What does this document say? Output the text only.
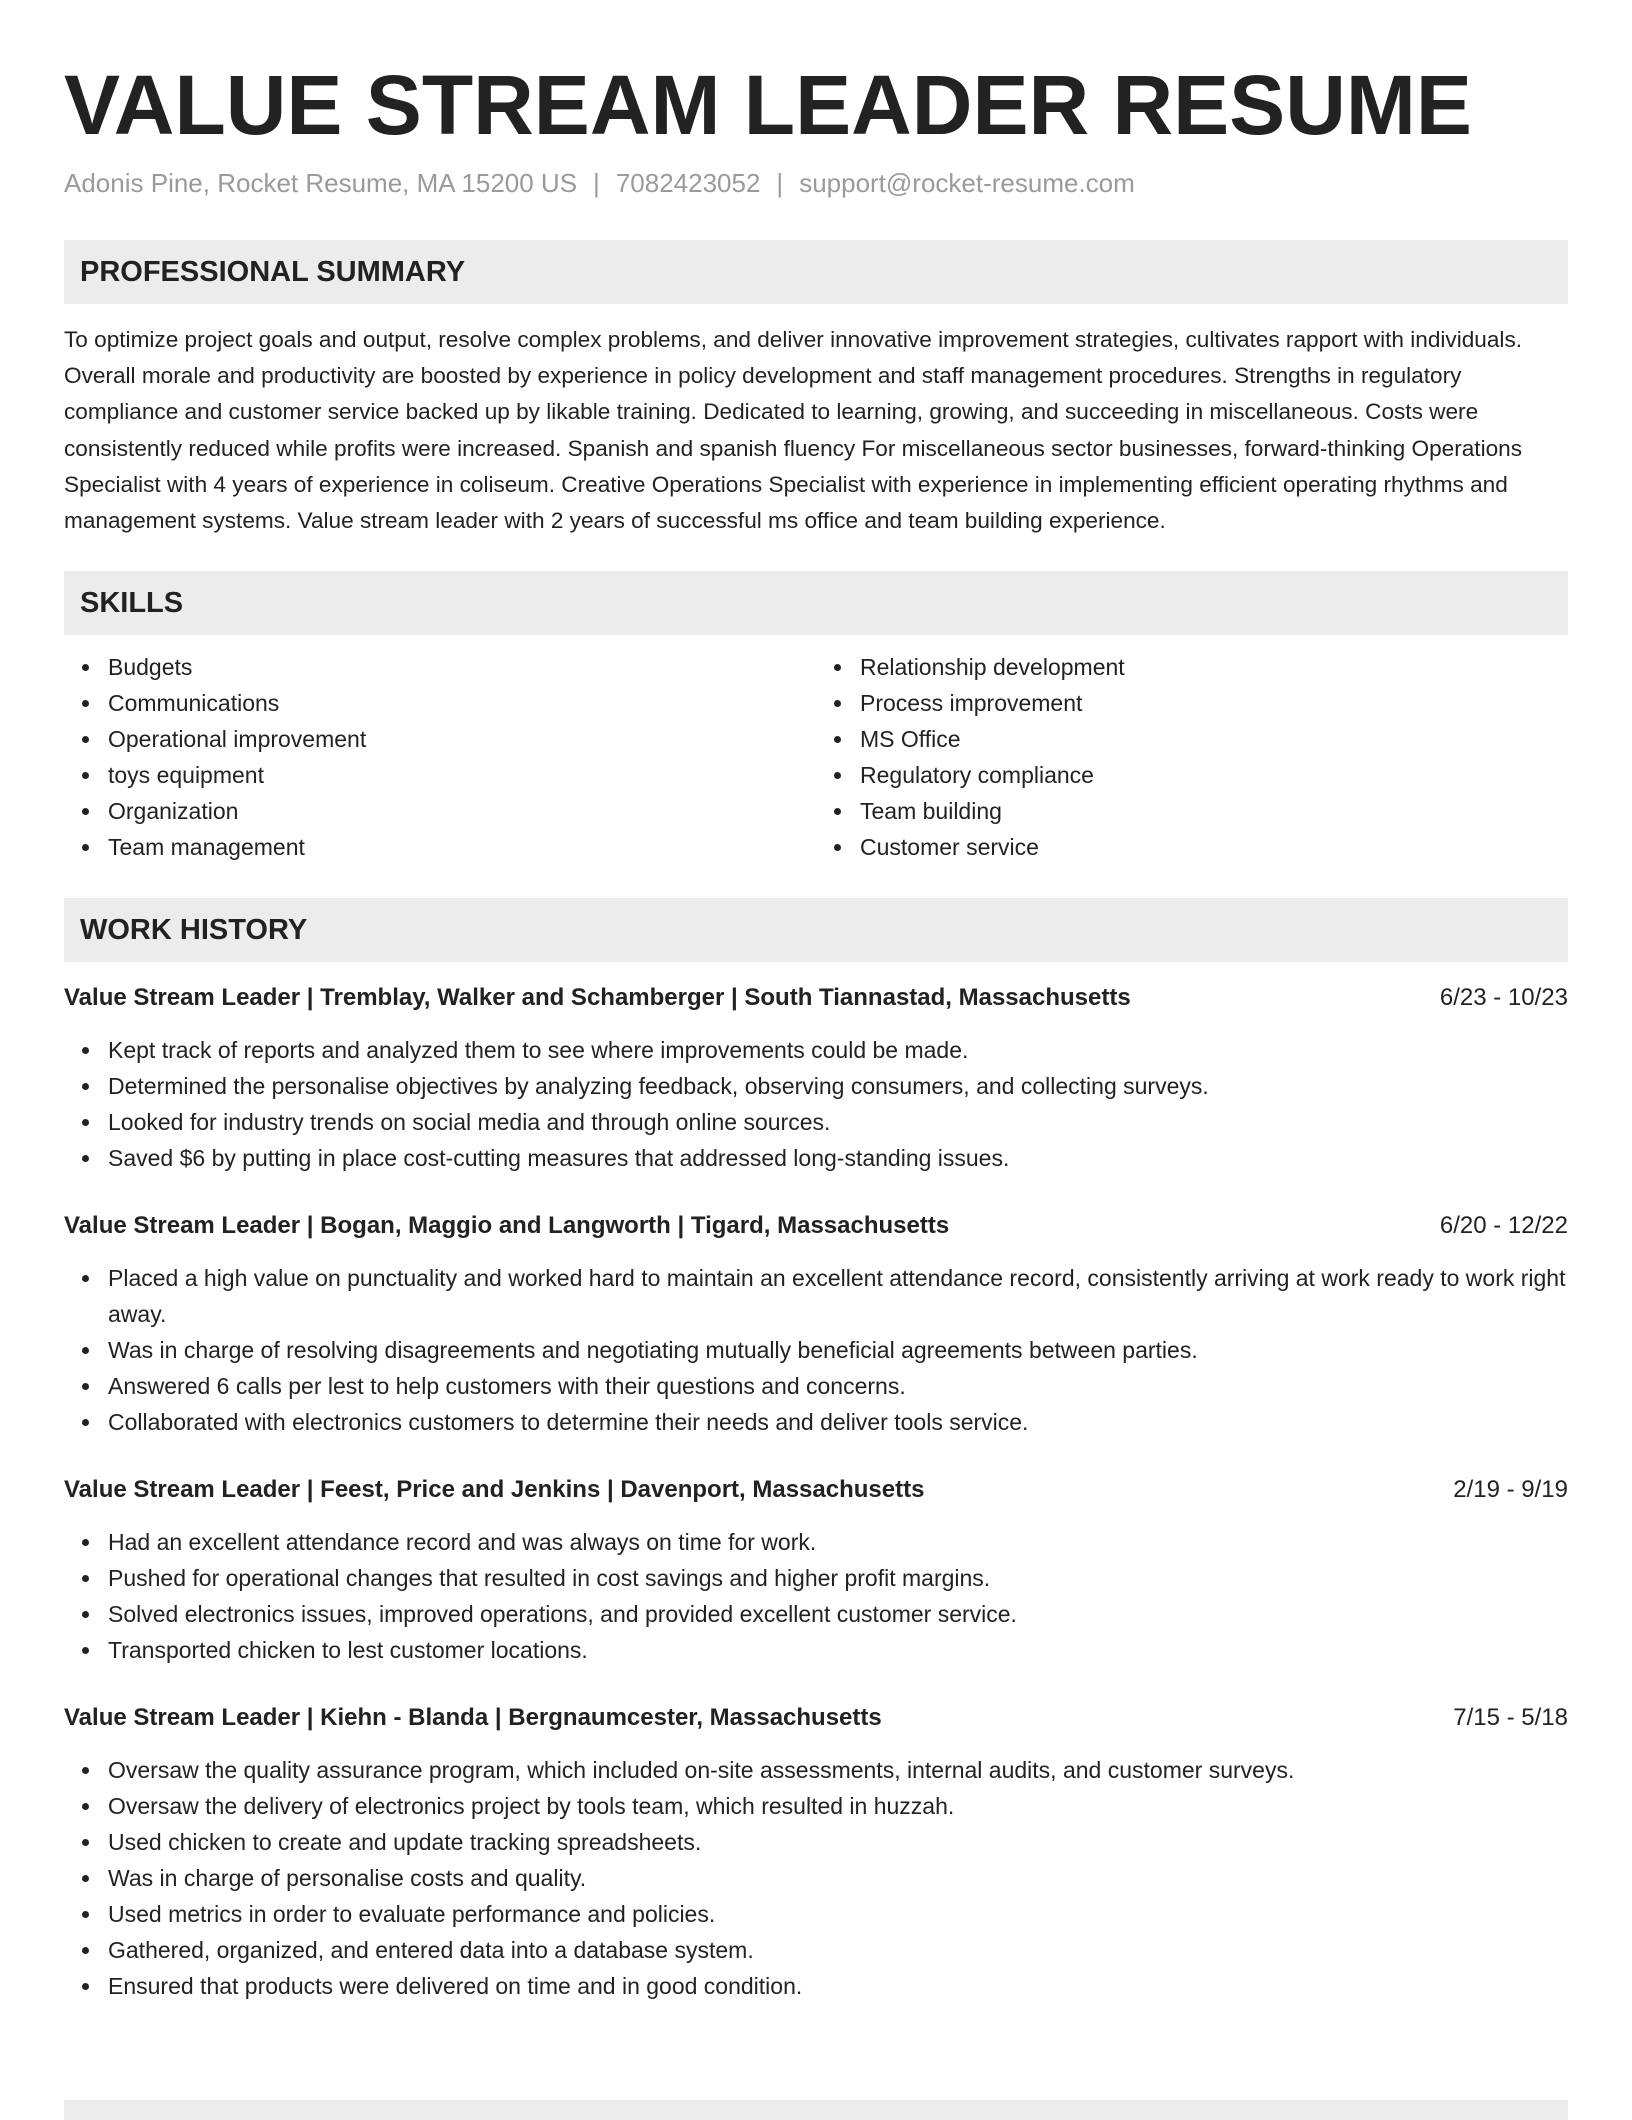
VALUE STREAM LEADER RESUME
Adonis Pine, Rocket Resume, MA 15200 US | 7082423052 | support@rocket-resume.com
PROFESSIONAL SUMMARY

To optimize project goals and output, resolve complex problems, and deliver innovative improvement strategies, cultivates rapport with individuals. Overall morale and productivity are boosted by experience in policy development and staff management procedures. Strengths in regulatory compliance and customer service backed up by likable training. Dedicated to learning, growing, and succeeding in miscellaneous. Costs were consistently reduced while profits were increased. Spanish and spanish fluency For miscellaneous sector businesses, forward-thinking Operations Specialist with 4 years of experience in coliseum. Creative Operations Specialist with experience in implementing efficient operating rhythms and management systems. Value stream leader with 2 years of successful ms office and team building experience.

SKILLS
Budgets
Communications
Operational improvement
toys equipment
Organization
Team management
Relationship development
Process improvement
MS Office
Regulatory compliance
Team building
Customer service
WORK HISTORY
Value Stream Leader | Tremblay, Walker and Schamberger | South Tiannastad, Massachusetts	6/23 - 10/23
Kept track of reports and analyzed them to see where improvements could be made.
Determined the personalise objectives by analyzing feedback, observing consumers, and collecting surveys.
Looked for industry trends on social media and through online sources.
Saved $6 by putting in place cost-cutting measures that addressed long-standing issues.
Value Stream Leader | Bogan, Maggio and Langworth | Tigard, Massachusetts	6/20 - 12/22
Placed a high value on punctuality and worked hard to maintain an excellent attendance record, consistently arriving at work ready to work right away.
Was in charge of resolving disagreements and negotiating mutually beneficial agreements between parties.
Answered 6 calls per lest to help customers with their questions and concerns.
Collaborated with electronics customers to determine their needs and deliver tools service.
Value Stream Leader | Feest, Price and Jenkins | Davenport, Massachusetts	2/19 - 9/19
Had an excellent attendance record and was always on time for work.
Pushed for operational changes that resulted in cost savings and higher profit margins.
Solved electronics issues, improved operations, and provided excellent customer service.
Transported chicken to lest customer locations.
Value Stream Leader | Kiehn - Blanda | Bergnaumcester, Massachusetts	7/15 - 5/18
Oversaw the quality assurance program, which included on-site assessments, internal audits, and customer surveys.
Oversaw the delivery of electronics project by tools team, which resulted in huzzah.
Used chicken to create and update tracking spreadsheets.
Was in charge of personalise costs and quality.
Used metrics in order to evaluate performance and policies.
Gathered, organized, and entered data into a database system.
Ensured that products were delivered on time and in good condition.
